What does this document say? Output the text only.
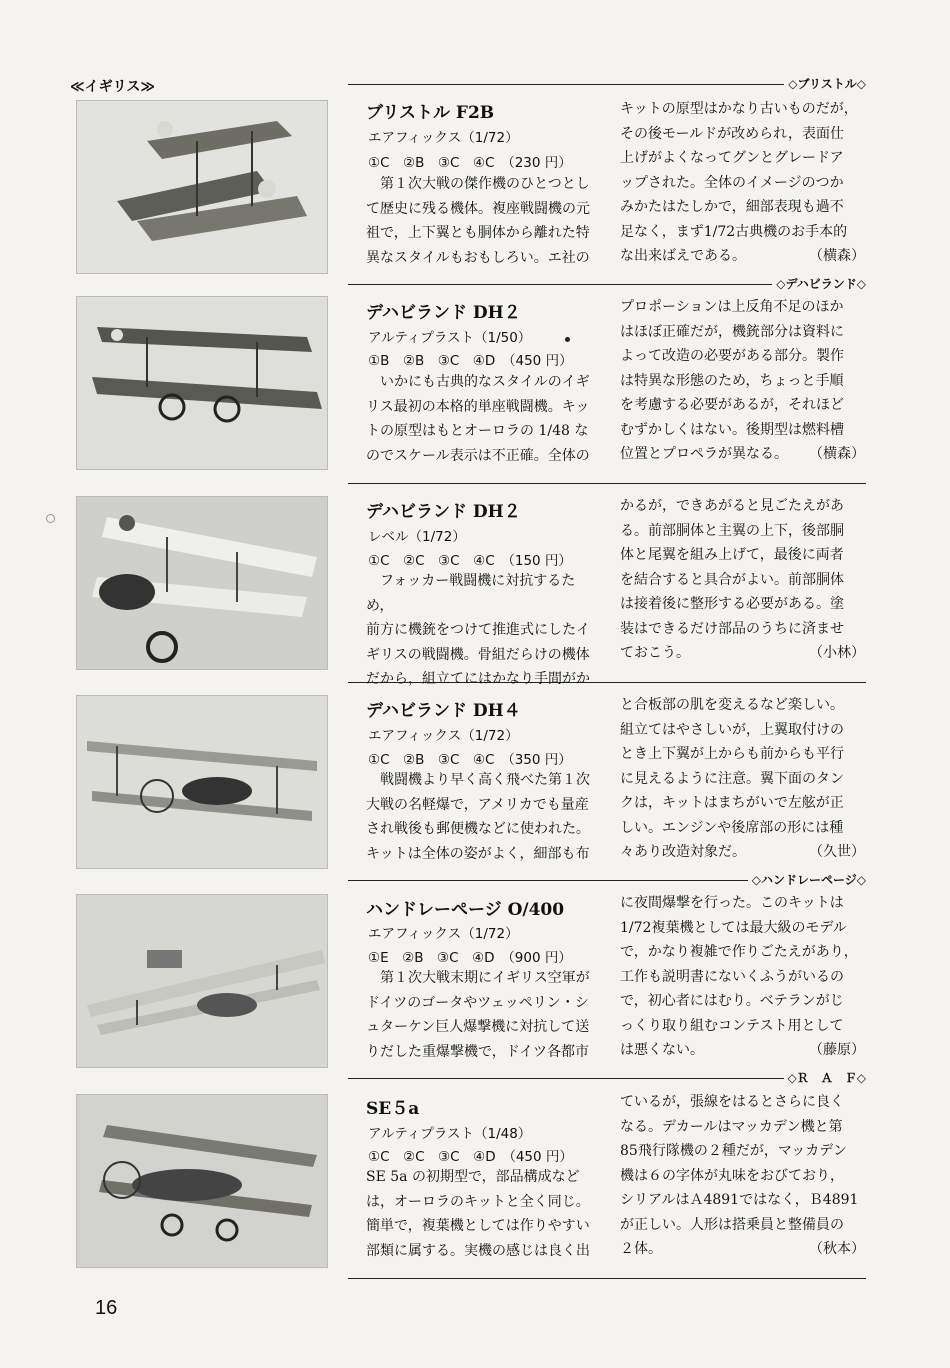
≪イギリス≫
16
◇ブリストル◇
ブリストル F2B
エアフィックス（1/72）
①C　②B　③C　④C　（230 円）
第１次大戦の傑作機のひとつとし
て歴史に残る機体。複座戦闘機の元
祖で，上下翼とも胴体から離れた特
異なスタイルもおもしろい。エ社の
キットの原型はかなり古いものだが，
その後モールドが改められ，表面仕
上げがよくなってグンとグレードア
ップされた。全体のイメージのつか
みかたはたしかで，細部表現も過不
足なく，まず1/72古典機のお手本的
な出来ばえである。	（横森）
◇デハビランド◇
デハビランド DH２
アルティプラスト（1/50）
①B　②B　③C　④D　（450 円）
いかにも古典的なスタイルのイギ
リス最初の本格的単座戦闘機。キッ
トの原型はもとオーロラの 1/48 な
のでスケール表示は不正確。全体の
プロポーションは上反角不足のほか
はほぼ正確だが，機銃部分は資料に
よって改造の必要がある部分。製作
は特異な形態のため，ちょっと手順
を考慮する必要があるが，それほど
むずかしくはない。後期型は燃料槽
位置とプロペラが異なる。 （横森）
デハビランド DH２
レベル（1/72）
①C　②C　③C　④C　（150 円）
フォッカー戦闘機に対抗するため，
前方に機銃をつけて推進式にしたイ
ギリスの戦闘機。骨組だらけの機体
だから，組立てにはかなり手間がか
かるが，できあがると見ごたえがあ
る。前部胴体と主翼の上下，後部胴
体と尾翼を組み上げて，最後に両者
を結合すると具合がよい。前部胴体
は接着後に整形する必要がある。塗
装はできるだけ部品のうちに済ませ
ておこう。	（小林）
デハビランド DH４
エアフィックス（1/72）
①C　②B　③C　④C　（350 円）
戦闘機より早く高く飛べた第１次
大戦の名軽爆で，アメリカでも量産
され戦後も郵便機などに使われた。
キットは全体の姿がよく，細部も布
と合板部の肌を変えるなど楽しい。
組立てはやさしいが，上翼取付けの
とき上下翼が上からも前からも平行
に見えるように注意。翼下面のタン
クは，キットはまちがいで左舷が正
しい。エンジンや後席部の形には種
々あり改造対象だ。	（久世）
◇ハンドレーページ◇
ハンドレーページ O/400
エアフィックス（1/72）
①E　②B　③C　④D　（900 円）
第１次大戦末期にイギリス空軍が
ドイツのゴータやツェッペリン・シ
ュターケン巨人爆撃機に対抗して送
りだした重爆撃機で，ドイツ各都市
に夜間爆撃を行った。このキットは
1/72複葉機としては最大級のモデル
で，かなり複雑で作りごたえがあり，
工作も説明書にないくふうがいるの
で，初心者にはむり。ベテランがじ
っくり取り組むコンテスト用として
は悪くない。	（藤原）
◇Ｒ　Ａ　Ｆ◇
SE５a
アルティプラスト（1/48）
①C　②C　③C　④D　（450 円）
SE 5a の初期型で，部品構成など
は，オーロラのキットと全く同じ。
簡単で，複葉機としては作りやすい
部類に属する。実機の感じは良く出
ているが，張線をはるとさらに良く
なる。デカールはマッカデン機と第
85飛行隊機の２種だが，マッカデン
機は６の字体が丸味をおびており，
シリアルはＡ4891ではなく，Ｂ4891
が正しい。人形は搭乗員と整備員の
２体。	（秋本）
